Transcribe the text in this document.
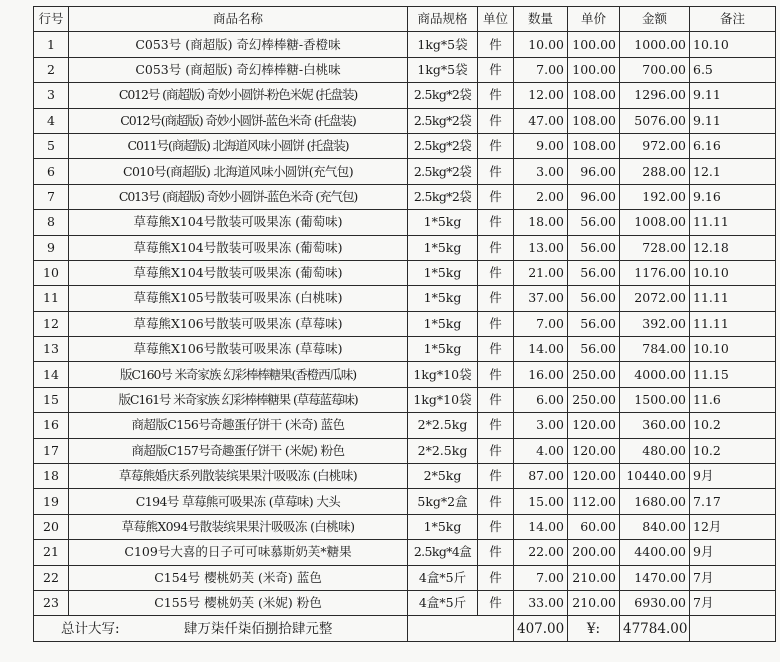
行号	商品名称	商品规格	单位	数量	单价	金额	备注
1	C053号 (商超版) 奇幻棒棒糖-香橙味	1kg*5袋	件	10.00	100.00	1000.00	10.10
2	C053号 (商超版) 奇幻棒棒糖-白桃味	1kg*5袋	件	7.00	100.00	700.00	6.5
3	C012号 (商超版) 奇妙小圆饼-粉色米妮 (托盘装)	2.5kg*2袋	件	12.00	108.00	1296.00	9.11
4	C012号(商超版) 奇妙小圆饼-蓝色米奇 (托盘装)	2.5kg*2袋	件	47.00	108.00	5076.00	9.11
5	C011号(商超版) 北海道风味小圆饼 (托盘装)	2.5kg*2袋	件	9.00	108.00	972.00	6.16
6	C010号(商超版) 北海道风味小圆饼(充气包)	2.5kg*2袋	件	3.00	96.00	288.00	12.1
7	C013号 (商超版) 奇妙小圆饼-蓝色米奇 (充气包)	2.5kg*2袋	件	2.00	96.00	192.00	9.16
8	草莓熊X104号散装可吸果冻 (葡萄味)	1*5kg	件	18.00	56.00	1008.00	11.11
9	草莓熊X104号散装可吸果冻 (葡萄味)	1*5kg	件	13.00	56.00	728.00	12.18
10	草莓熊X104号散装可吸果冻 (葡萄味)	1*5kg	件	21.00	56.00	1176.00	10.10
11	草莓熊X105号散装可吸果冻 (白桃味)	1*5kg	件	37.00	56.00	2072.00	11.11
12	草莓熊X106号散装可吸果冻 (草莓味)	1*5kg	件	7.00	56.00	392.00	11.11
13	草莓熊X106号散装可吸果冻 (草莓味)	1*5kg	件	14.00	56.00	784.00	10.10
14	版C160号 米奇家族 幻彩棒棒糖果(香橙西瓜味)	1kg*10袋	件	16.00	250.00	4000.00	11.15
15	版C161号 米奇家族 幻彩棒棒糖果 (草莓蓝莓味)	1kg*10袋	件	6.00	250.00	1500.00	11.6
16	商超版C156号奇趣蛋仔饼干 (米奇) 蓝色	2*2.5kg	件	3.00	120.00	360.00	10.2
17	商超版C157号奇趣蛋仔饼干 (米妮) 粉色	2*2.5kg	件	4.00	120.00	480.00	10.2
18	草莓熊婚庆系列散装缤果果汁吸吸冻 (白桃味)	2*5kg	件	87.00	120.00	10440.00	9月
19	C194号 草莓熊可吸果冻 (草莓味) 大头	5kg*2盒	件	15.00	112.00	1680.00	7.17
20	草莓熊X094号散装缤果果汁吸吸冻 (白桃味)	1*5kg	件	14.00	60.00	840.00	12月
21	C109号大喜的日子可可味慕斯奶芙*糖果	2.5kg*4盒	件	22.00	200.00	4400.00	9月
22	C154号 樱桃奶芙 (米奇) 蓝色	4盒*5斤	件	7.00	210.00	1470.00	7月
23	C155号 樱桃奶芙 (米妮) 粉色	4盒*5斤	件	33.00	210.00	6930.00	7月
总计大写: 肆万柒仟柒佰捌拾肆元整				407.00	¥:	47784.00	
